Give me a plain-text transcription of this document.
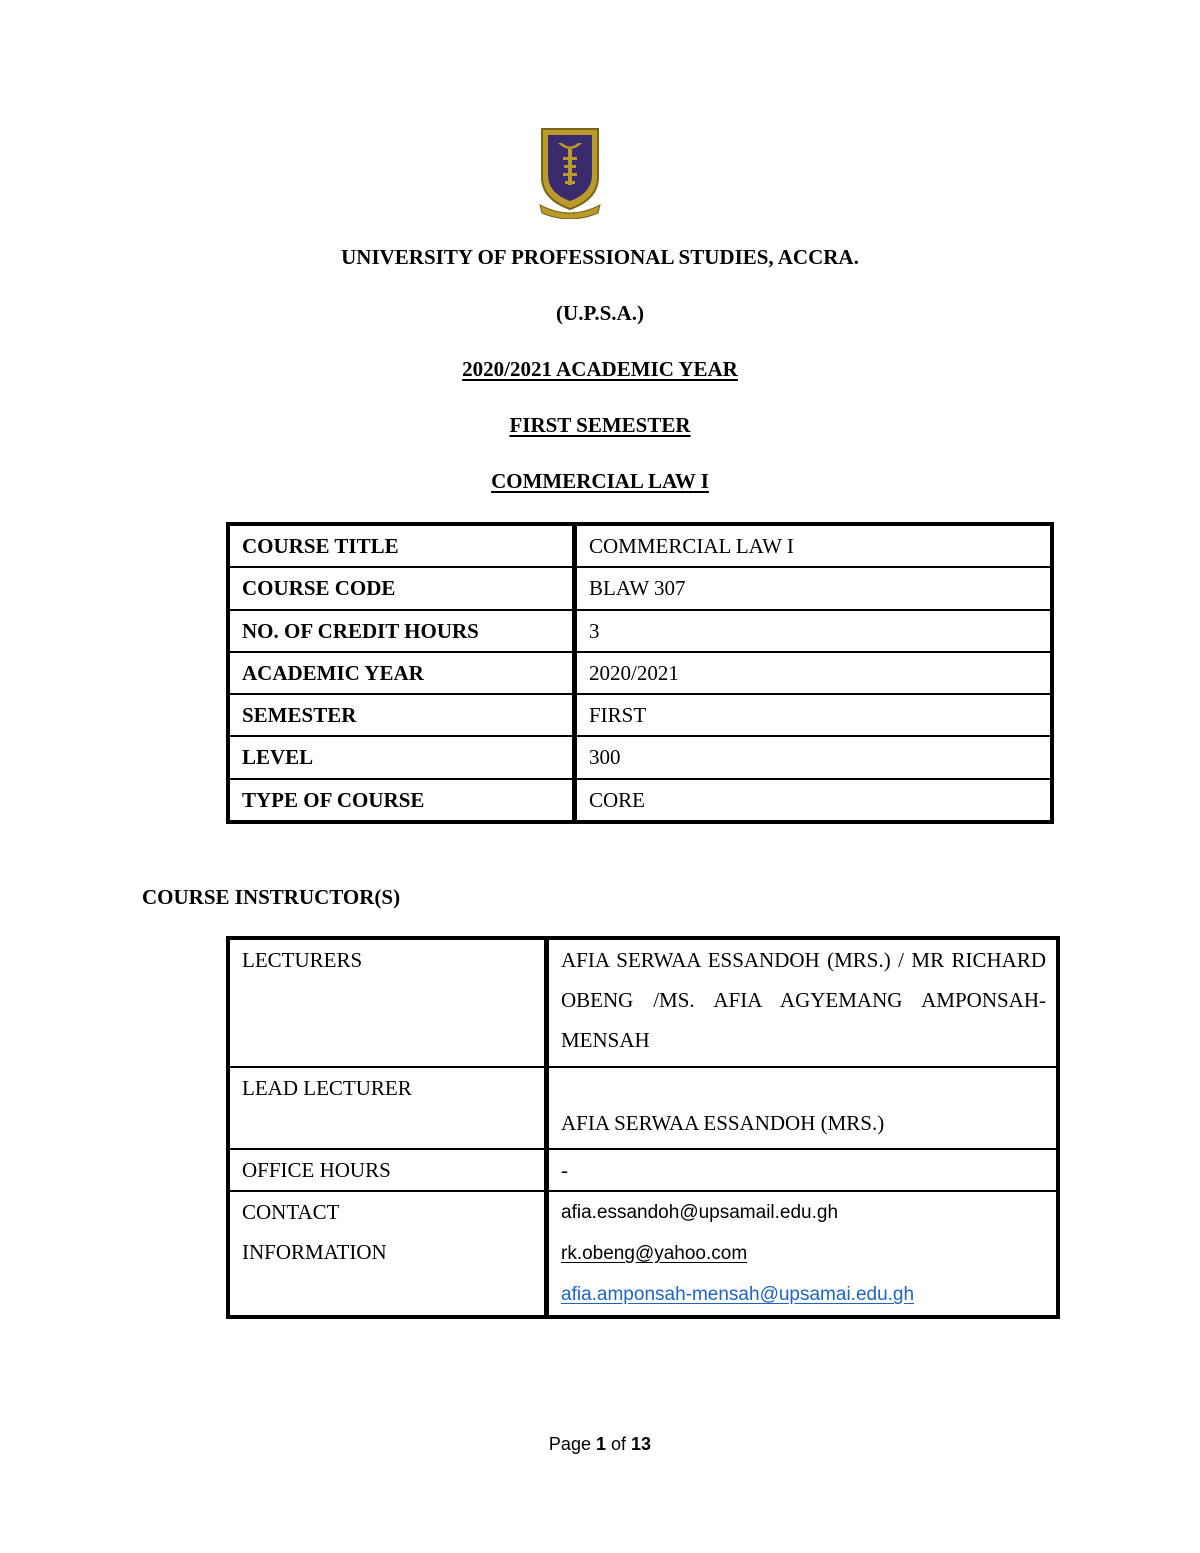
UNIVERSITY OF PROFESSIONAL STUDIES, ACCRA.
(U.P.S.A.)
2020/2021 ACADEMIC YEAR
FIRST SEMESTER
COMMERCIAL LAW I
COURSE TITLE	COMMERCIAL LAW I
COURSE CODE	BLAW 307
NO. OF CREDIT HOURS	3
ACADEMIC YEAR	2020/2021
SEMESTER	FIRST
LEVEL	300
TYPE OF COURSE	CORE
COURSE INSTRUCTOR(S)
LECTURERS	AFIA SERWAA ESSANDOH (MRS.) / MR RICHARD OBENG /MS. AFIA AGYEMANG AMPONSAH-MENSAH
LEAD LECTURER	AFIA SERWAA ESSANDOH (MRS.)
OFFICE HOURS	-
CONTACT INFORMATION	afia.essandoh@upsamail.edu.gh
rk.obeng@yahoo.com
afia.amponsah-mensah@upsamai.edu.gh
Page 1 of 13
